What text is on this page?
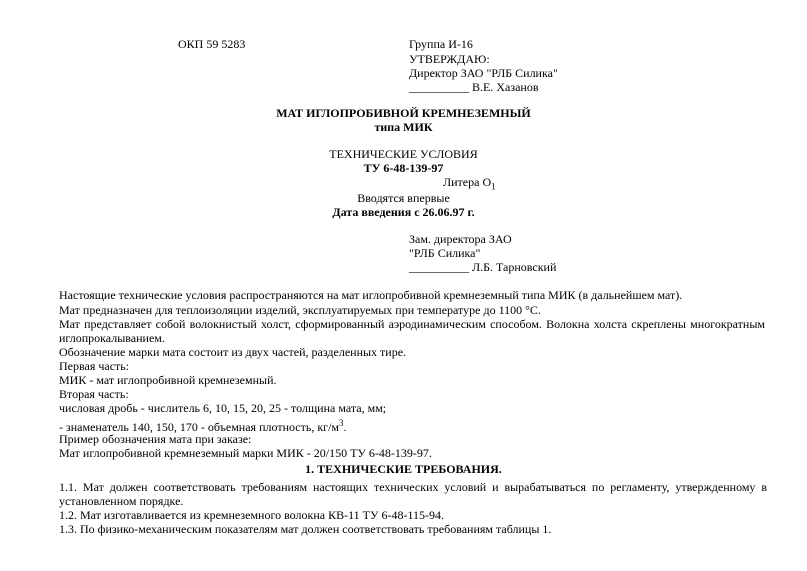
ОКП 59 5283	Группа И-16
УТВЕРЖДАЮ:
Директор ЗАО "РЛБ Силика"
__________ В.Е. Хазанов
МАТ ИГЛОПРОБИВНОЙ КРЕМНЕЗЕМНЫЙ
типа МИК
ТЕХНИЧЕСКИЕ УСЛОВИЯ
ТУ 6-48-139-97
Литера $О_1$
Вводятся впервые
Дата введения с 26.06.97 г.
Зам. директора ЗАО
"РЛБ Силика"
__________ Л.Б. Тарновский
Настоящие технические условия распространяются на мат иглопробивной кремнеземный типа МИК (в дальнейшем мат).
Мат предназначен для теплоизоляции изделий, эксплуатируемых при температуре до 1100 °С.
Мат представляет собой волокнистый холст, сформированный аэродинамическим способом. Волокна холста скреплены многократным иглопрокалыванием.
Обозначение марки мата состоит из двух частей, разделенных тире.
Первая часть:
МИК - мат иглопробивной кремнеземный.
Вторая часть:
числовая дробь - числитель 6, 10, 15, 20, 25 - толщина мата, мм;
- знаменатель 140, 150, 170 - объемная плотность, $кг/м^3$.
Пример обозначения мата при заказе:
Мат иглопробивной кремнеземный марки МИК - 20/150 ТУ 6-48-139-97.
1. ТЕХНИЧЕСКИЕ ТРЕБОВАНИЯ.
1.1. Мат должен соответствовать требованиям настоящих технических условий и вырабатываться по регламенту, утвержденному в установленном порядке.
1.2. Мат изготавливается из кремнеземного волокна КВ-11 ТУ 6-48-115-94.
1.3. По физико-механическим показателям мат должен соответствовать требованиям таблицы 1.
